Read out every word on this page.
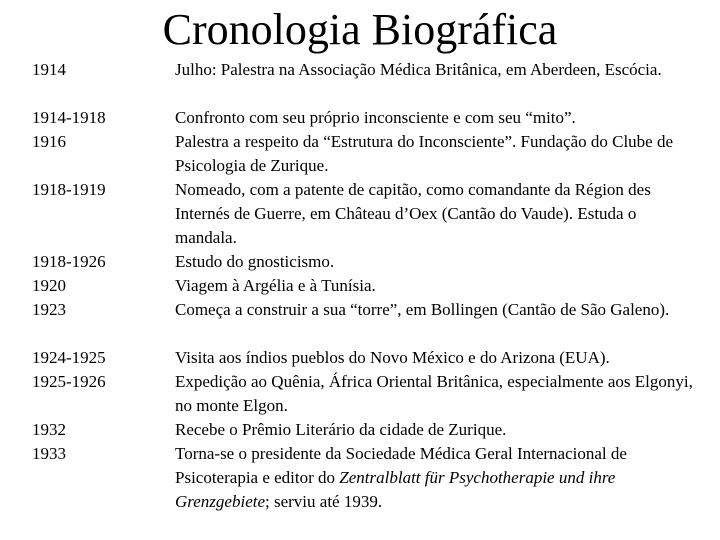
Cronologia Biográfica
1914	Julho: Palestra na Associação Médica Britânica, em Aberdeen, Escócia.
1914-1918	Confronto com seu próprio inconsciente e com seu “mito”.
1916	Palestra a respeito da “Estrutura do Inconsciente”. Fundação do Clube de Psicologia de Zurique.
1918-1919	Nomeado, com a patente de capitão, como comandante da Région des Internés de Guerre, em Château d’Oex (Cantão do Vaude). Estuda o mandala.
1918-1926	Estudo do gnosticismo.
1920	Viagem à Argélia e à Tunísia.
1923	Começa a construir a sua “torre”, em Bollingen (Cantão de São Galeno).
1924-1925	Visita aos índios pueblos do Novo México e do Arizona (EUA).
1925-1926	Expedição ao Quênia, África Oriental Britânica, especialmente aos Elgonyi, no monte Elgon.
1932	Recebe o Prêmio Literário da cidade de Zurique.
1933	Torna-se o presidente da Sociedade Médica Geral Internacional de Psicoterapia e editor do Zentralblatt für Psychotherapie und ihre Grenzgebiete; serviu até 1939.
